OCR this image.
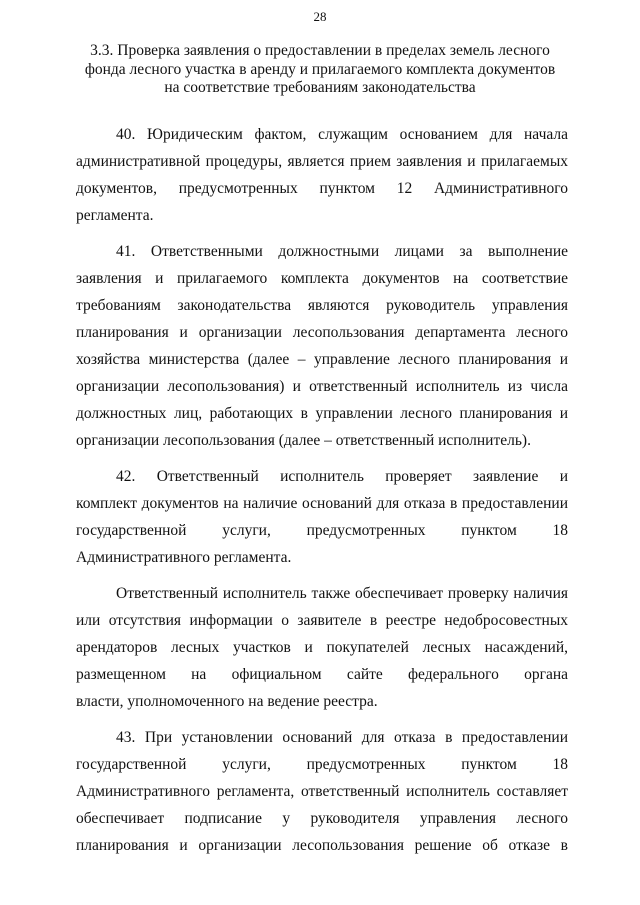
28
3.3. Проверка заявления о предоставлении в пределах земель лесного
фонда лесного участка в аренду и прилагаемого комплекта документов
на соответствие требованиям законодательства
40. Юридическим фактом, служащим основанием для начала
административной процедуры, является прием заявления и прилагаемых
документов, предусмотренных пунктом 12 Административного
регламента.
41. Ответственными должностными лицами за выполнение
заявления и прилагаемого комплекта документов на соответствие
требованиям законодательства являются руководитель управления
планирования и организации лесопользования департамента лесного
хозяйства министерства (далее – управление лесного планирования и
организации лесопользования) и ответственный исполнитель из числа
должностных лиц, работающих в управлении лесного планирования и
организации лесопользования (далее – ответственный исполнитель).
42. Ответственный исполнитель проверяет заявление и
комплект документов на наличие оснований для отказа в предоставлении
государственной услуги, предусмотренных пунктом 18
Административного регламента.
Ответственный исполнитель также обеспечивает проверку наличия
или отсутствия информации о заявителе в реестре недобросовестных
арендаторов лесных участков и покупателей лесных насаждений,
размещенном на официальном сайте федерального органа
власти, уполномоченного на ведение реестра.
43. При установлении оснований для отказа в предоставлении
государственной услуги, предусмотренных пунктом 18
Административного регламента, ответственный исполнитель составляет
обеспечивает подписание у руководителя управления лесного
планирования и организации лесопользования решение об отказе в
